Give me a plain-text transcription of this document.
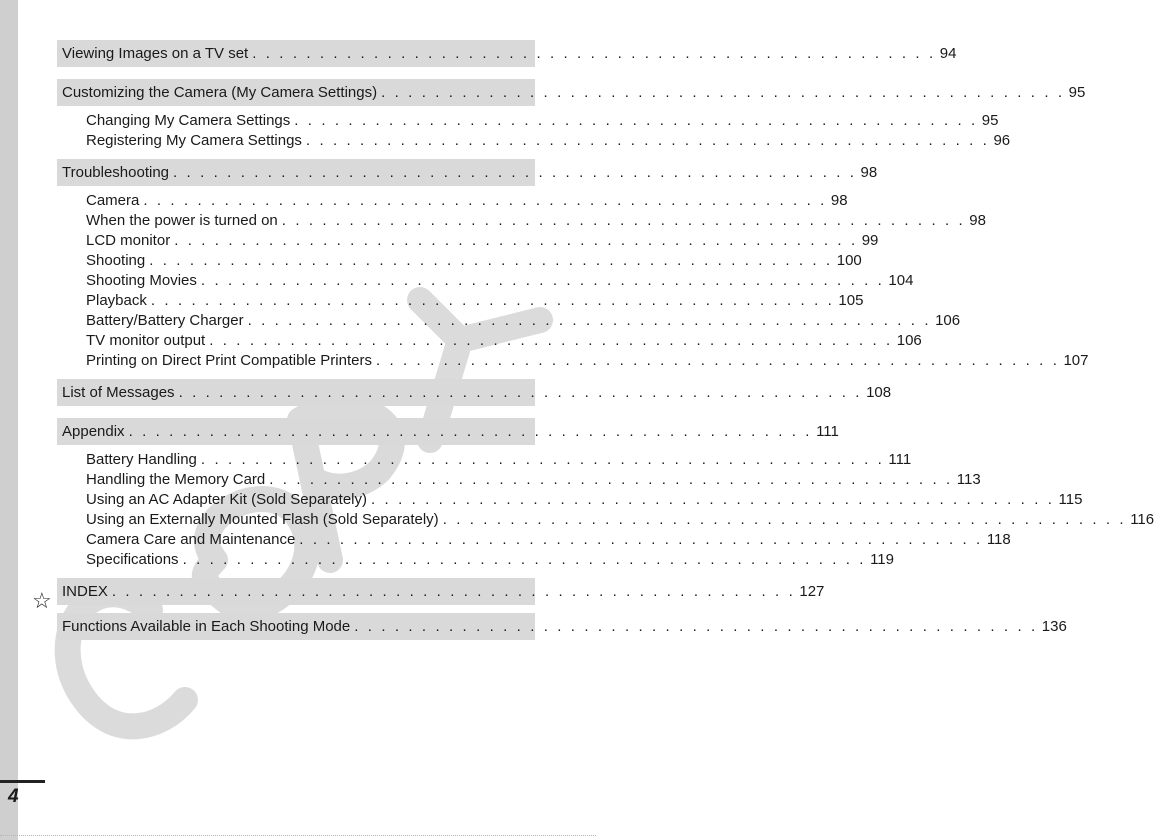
Viewing Images on a TV set . . . . . . . . . . . . . . . . . . . . . . . . . . . . . . . . . . . . . . . . . . . . . . . . . . . 94
Customizing the Camera (My Camera Settings) . . . . . . . . . . . . . . . . . . . . . . . . . . . . . . . . . . . . . . . . . . . . . . . . . . . 95
Changing My Camera Settings . . . . . . . . . . . . . . . . . . . . . . . . . . . . . . . . . . . . . . . . . . . . . . . . . . . 95
Registering My Camera Settings . . . . . . . . . . . . . . . . . . . . . . . . . . . . . . . . . . . . . . . . . . . . . . . . . . . 96
Troubleshooting . . . . . . . . . . . . . . . . . . . . . . . . . . . . . . . . . . . . . . . . . . . . . . . . . . . 98
Camera . . . . . . . . . . . . . . . . . . . . . . . . . . . . . . . . . . . . . . . . . . . . . . . . . . . 98
When the power is turned on . . . . . . . . . . . . . . . . . . . . . . . . . . . . . . . . . . . . . . . . . . . . . . . . . . . 98
LCD monitor . . . . . . . . . . . . . . . . . . . . . . . . . . . . . . . . . . . . . . . . . . . . . . . . . . . 99
Shooting . . . . . . . . . . . . . . . . . . . . . . . . . . . . . . . . . . . . . . . . . . . . . . . . . . . 100
Shooting Movies . . . . . . . . . . . . . . . . . . . . . . . . . . . . . . . . . . . . . . . . . . . . . . . . . . . 104
Playback . . . . . . . . . . . . . . . . . . . . . . . . . . . . . . . . . . . . . . . . . . . . . . . . . . . 105
Battery/Battery Charger . . . . . . . . . . . . . . . . . . . . . . . . . . . . . . . . . . . . . . . . . . . . . . . . . . . 106
TV monitor output . . . . . . . . . . . . . . . . . . . . . . . . . . . . . . . . . . . . . . . . . . . . . . . . . . . 106
Printing on Direct Print Compatible Printers . . . . . . . . . . . . . . . . . . . . . . . . . . . . . . . . . . . . . . . . . . . . . . . . . . . 107
List of Messages . . . . . . . . . . . . . . . . . . . . . . . . . . . . . . . . . . . . . . . . . . . . . . . . . . . 108
Appendix . . . . . . . . . . . . . . . . . . . . . . . . . . . . . . . . . . . . . . . . . . . . . . . . . . . 111
Battery Handling . . . . . . . . . . . . . . . . . . . . . . . . . . . . . . . . . . . . . . . . . . . . . . . . . . . 111
Handling the Memory Card . . . . . . . . . . . . . . . . . . . . . . . . . . . . . . . . . . . . . . . . . . . . . . . . . . . 113
Using an AC Adapter Kit (Sold Separately) . . . . . . . . . . . . . . . . . . . . . . . . . . . . . . . . . . . . . . . . . . . . . . . . . . . 115
Using an Externally Mounted Flash (Sold Separately) . . . . . . . . . . . . . . . . . . . . . . . . . . . . . . . . . . . . . . . . . . . . . . . . . . . 116
Camera Care and Maintenance . . . . . . . . . . . . . . . . . . . . . . . . . . . . . . . . . . . . . . . . . . . . . . . . . . . 118
Specifications . . . . . . . . . . . . . . . . . . . . . . . . . . . . . . . . . . . . . . . . . . . . . . . . . . . 119
INDEX . . . . . . . . . . . . . . . . . . . . . . . . . . . . . . . . . . . . . . . . . . . . . . . . . . . 127
Functions Available in Each Shooting Mode . . . . . . . . . . . . . . . . . . . . . . . . . . . . . . . . . . . . . . . . . . . . . . . . . . . 136
☆
4
